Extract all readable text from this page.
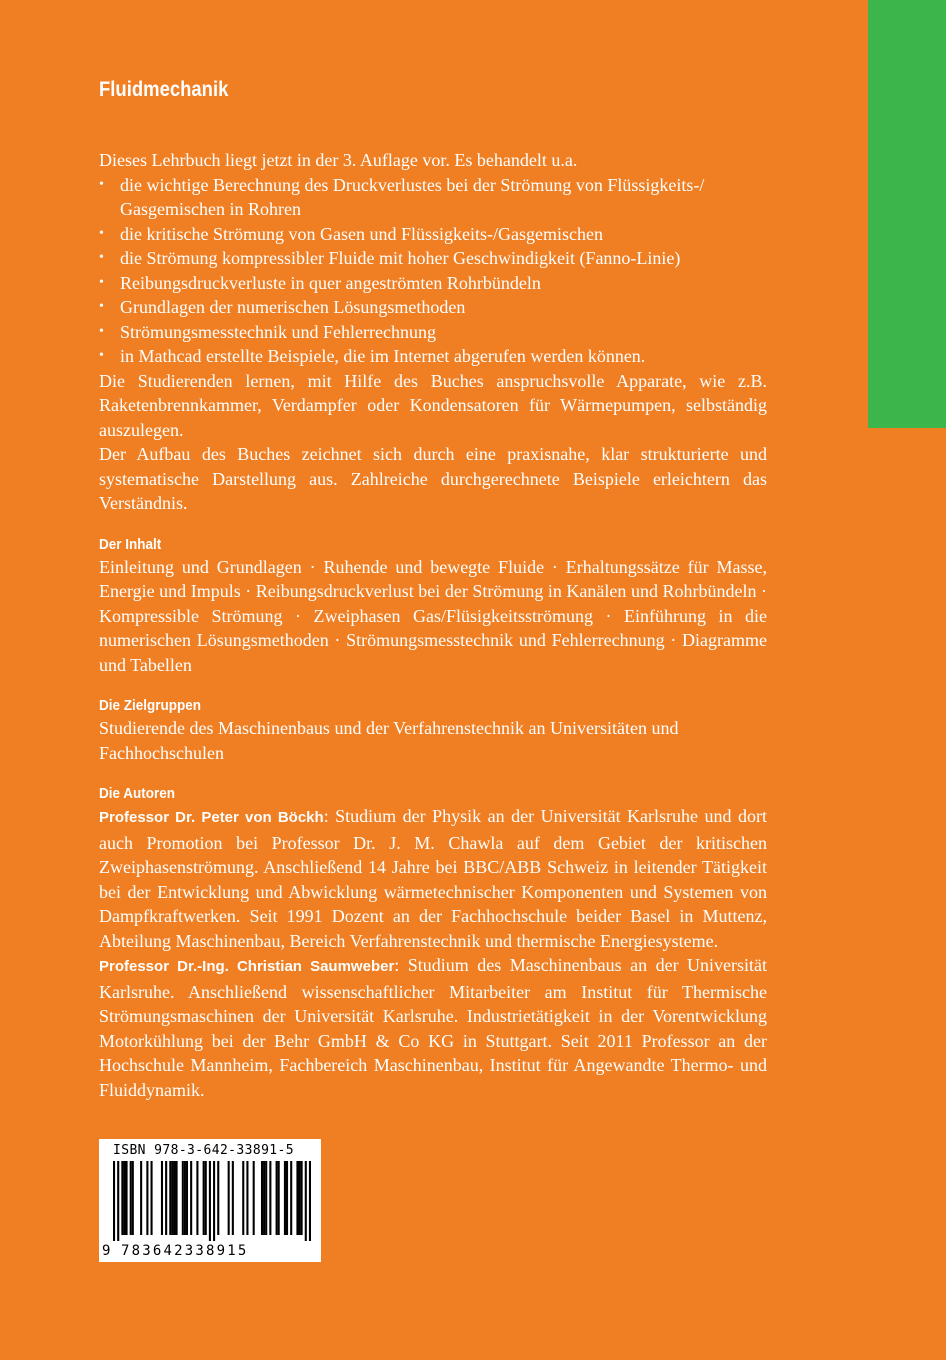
Fluidmechanik

Dieses Lehrbuch liegt jetzt in der 3. Auflage vor. Es behandelt u.a.

• die wichtige Berechnung des Druckverlustes bei der Strömung von Flüssigkeits-/ Gasgemischen in Rohren
• die kritische Strömung von Gasen und Flüssigkeits-/Gasgemischen
• die Strömung kompressibler Fluide mit hoher Geschwindigkeit (Fanno-Linie)
• Reibungsdruckverluste in quer angeströmten Rohrbündeln
• Grundlagen der numerischen Lösungsmethoden
• Strömungsmesstechnik und Fehlerrechnung
• in Mathcad erstellte Beispiele, die im Internet abgerufen werden können.

Die Studierenden lernen, mit Hilfe des Buches anspruchsvolle Apparate, wie z.B. Raketenbrennkammer, Verdampfer oder Kondensatoren für Wärmepumpen, selbständig auszulegen.

Der Aufbau des Buches zeichnet sich durch eine praxisnahe, klar strukturierte und systematische Darstellung aus. Zahlreiche durchgerechnete Beispiele erleichtern das Verständnis.

Der Inhalt

Einleitung und Grundlagen · Ruhende und bewegte Fluide · Erhaltungssätze für Masse, Energie und Impuls · Reibungsdruckverlust bei der Strömung in Kanälen und Rohrbündeln · Kompressible Strömung · Zweiphasen Gas/Flüsigkeitsströmung · Einführung in die numerischen Lösungsmethoden · Strömungsmesstechnik und Fehlerrechnung · Diagramme und Tabellen

Die Zielgruppen

Studierende des Maschinenbaus und der Verfahrenstechnik an Universitäten und Fachhochschulen

Die Autoren

Professor Dr. Peter von Böckh: Studium der Physik an der Universität Karlsruhe und dort auch Promotion bei Professor Dr. J. M. Chawla auf dem Gebiet der kritischen Zweiphasenströmung. Anschließend 14 Jahre bei BBC/ABB Schweiz in leitender Tätigkeit bei der Entwicklung und Abwicklung wärmetechnischer Komponenten und Systemen von Dampfkraftwerken. Seit 1991 Dozent an der Fachhochschule beider Basel in Muttenz, Abteilung Maschinenbau, Bereich Verfahrenstechnik und thermische Energiesysteme.

Professor Dr.-Ing. Christian Saumweber: Studium des Maschinenbaus an der Universität Karlsruhe. Anschließend wissenschaftlicher Mitarbeiter am Institut für Thermische Strömungsmaschinen der Universität Karlsruhe. Industrietätigkeit in der Vorentwicklung Motorkühlung bei der Behr GmbH & Co KG in Stuttgart. Seit 2011 Professor an der Hochschule Mannheim, Fachbereich Maschinenbau, Institut für Angewandte Thermo- und Fluiddynamik.

ISBN 978-3-642-33891-5
9 783642338915
